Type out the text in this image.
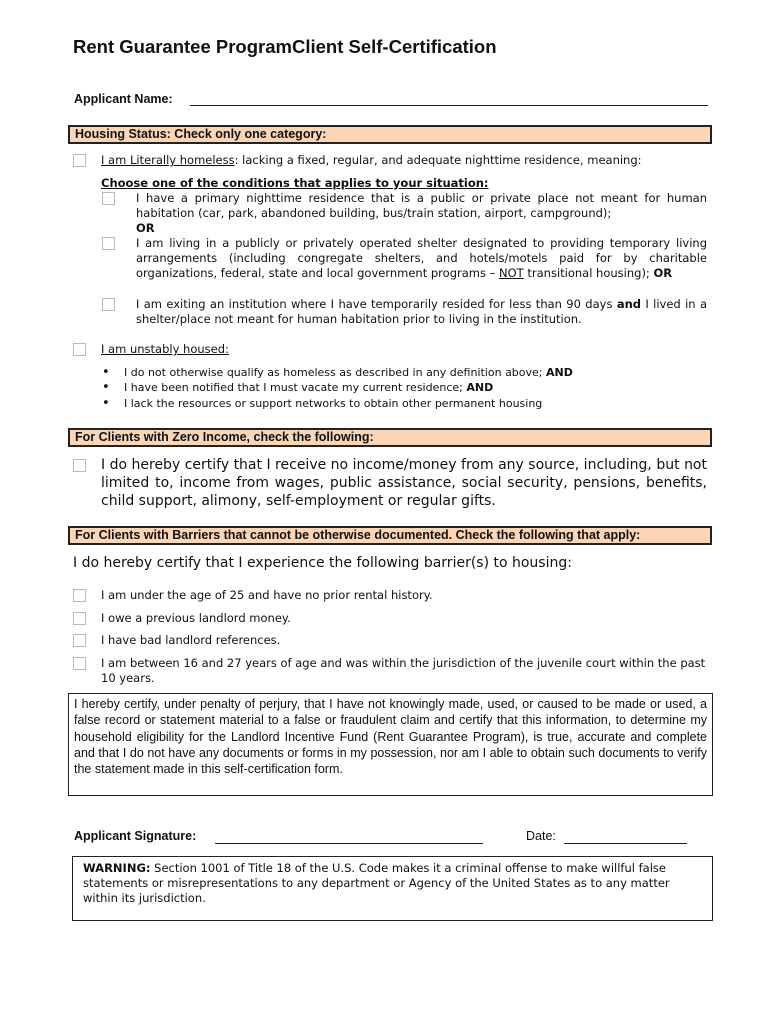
Rent Guarantee ProgramClient Self-Certification
Applicant Name:
Housing Status: Check only one category:
I am Literally homeless: lacking a fixed, regular, and adequate nighttime residence, meaning:
Choose one of the conditions that applies to your situation:
I have a primary nighttime residence that is a public or private place not meant for human habitation (car, park, abandoned building, bus/train station, airport, campground);
OR
I am living in a publicly or privately operated shelter designated to providing temporary living arrangements (including congregate shelters, and hotels/motels paid for by charitable organizations, federal, state and local government programs – NOT transitional housing); OR
I am exiting an institution where I have temporarily resided for less than 90 days and I lived in a shelter/place not meant for human habitation prior to living in the institution.
I am unstably housed:
• I do not otherwise qualify as homeless as described in any definition above; AND
• I have been notified that I must vacate my current residence; AND
• I lack the resources or support networks to obtain other permanent housing
For Clients with Zero Income, check the following:
I do hereby certify that I receive no income/money from any source, including, but not limited to, income from wages, public assistance, social security, pensions, benefits, child support, alimony, self-employment or regular gifts.
For Clients with Barriers that cannot be otherwise documented. Check the following that apply:
I do hereby certify that I experience the following barrier(s) to housing:
I am under the age of 25 and have no prior rental history.
I owe a previous landlord money.
I have bad landlord references.
I am between 16 and 27 years of age and was within the jurisdiction of the juvenile court within the past 10 years.
I hereby certify, under penalty of perjury, that I have not knowingly made, used, or caused to be made or used, a false record or statement material to a false or fraudulent claim and certify that this information, to determine my household eligibility for the Landlord Incentive Fund (Rent Guarantee Program), is true, accurate and complete and that I do not have any documents or forms in my possession, nor am I able to obtain such documents to verify the statement made in this self-certification form.
Applicant Signature:	Date:
WARNING: Section 1001 of Title 18 of the U.S. Code makes it a criminal offense to make willful false statements or misrepresentations to any department or Agency of the United States as to any matter within its jurisdiction.
